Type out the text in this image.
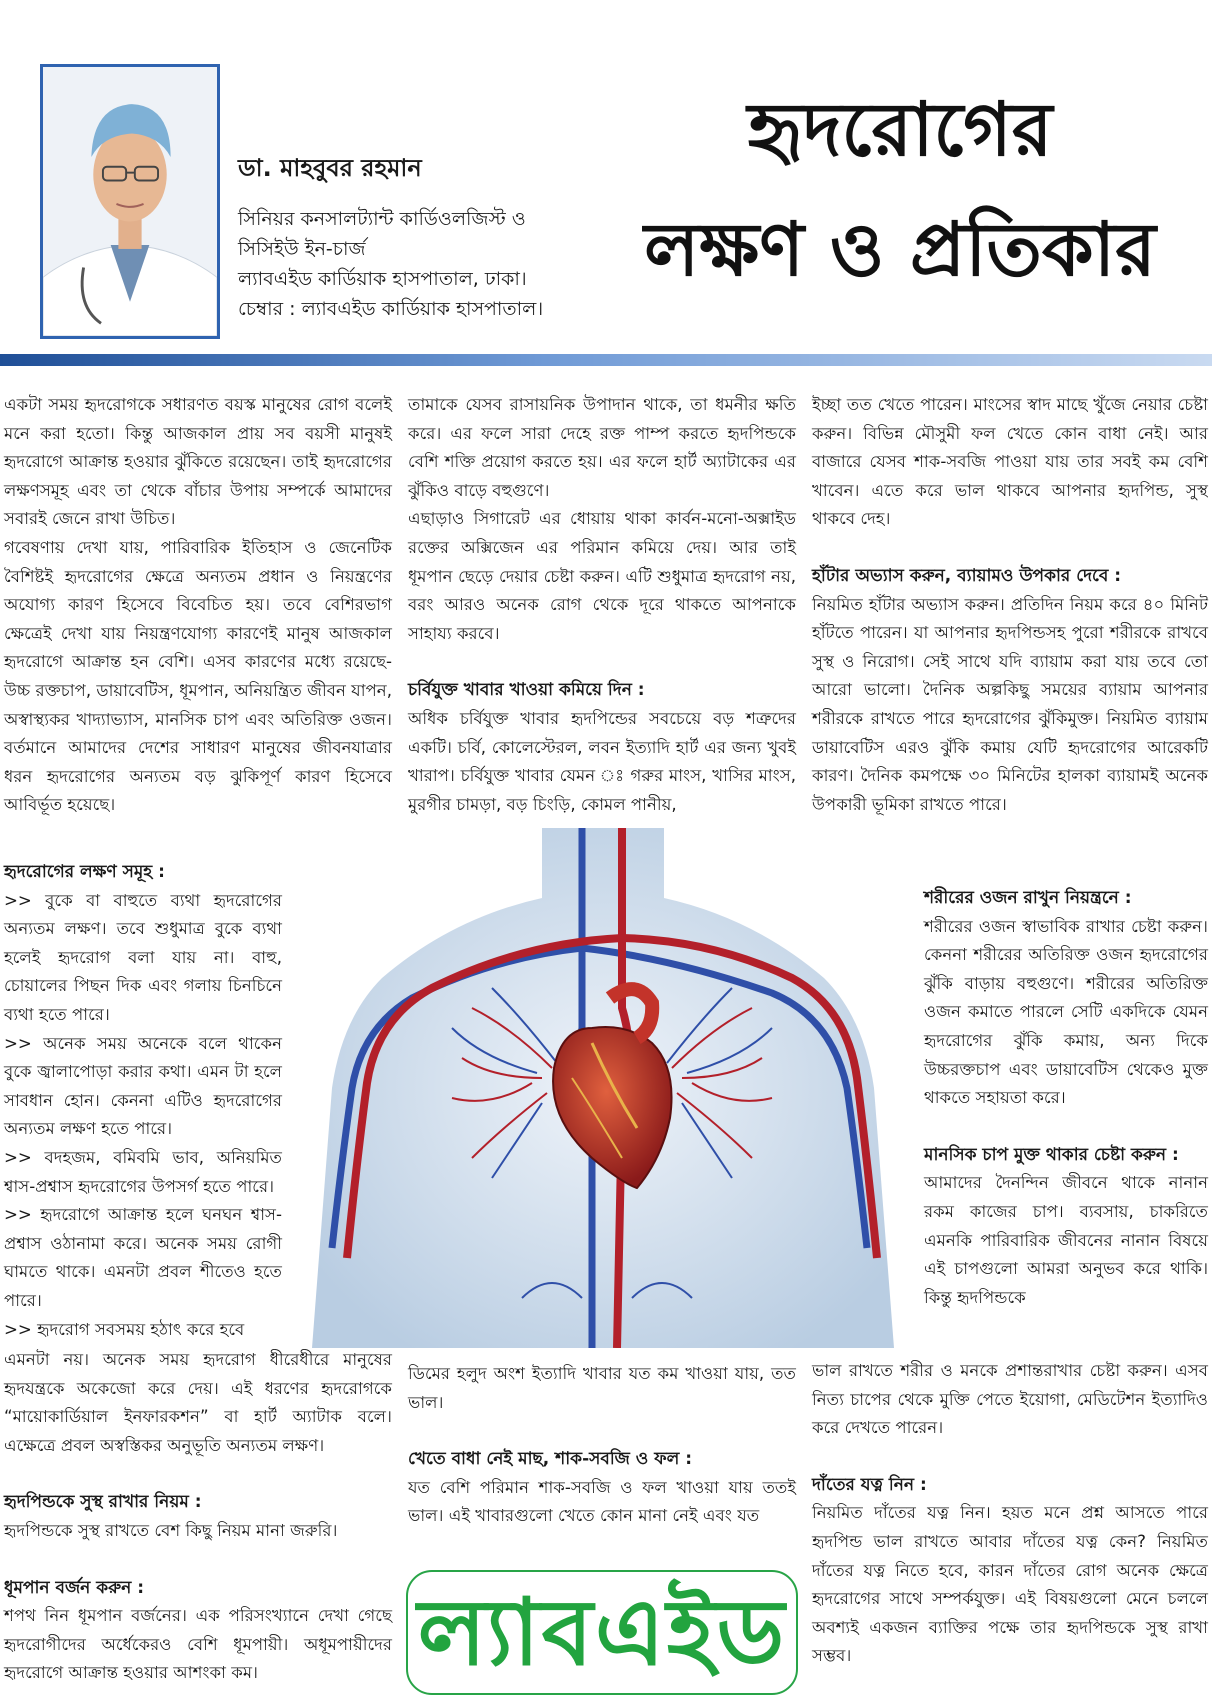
ডা. মাহবুবর রহমান
সিনিয়র কনসালট্যান্ট কার্ডিওলজিস্ট ও
সিসিইউ ইন-চার্জ
ল্যাবএইড কার্ডিয়াক হাসপাতাল, ঢাকা।
চেম্বার : ল্যাবএইড কার্ডিয়াক হাসপাতাল।
হৃদরোগের
লক্ষণ ও প্রতিকার

একটা সময় হৃদরোগকে সধারণত বয়স্ক মানুষের রোগ বলেই মনে করা হতো। কিন্তু আজকাল প্রায় সব বয়সী মানুষই হৃদরোগে আক্রান্ত হওয়ার ঝুঁকিতে রয়েছেন। তাই হৃদরোগের লক্ষণসমূহ এবং তা থেকে বাঁচার উপায় সম্পর্কে আমাদের সবারই জেনে রাখা উচিত।

গবেষণায় দেখা যায়, পারিবারিক ইতিহাস ও জেনেটিক বৈশিষ্টই হৃদরোগের ক্ষেত্রে অন্যতম প্রধান ও নিয়ন্ত্রণের অযোগ্য কারণ হিসেবে বিবেচিত হয়। তবে বেশিরভাগ ক্ষেত্রেই দেখা যায় নিয়ন্ত্রণযোগ্য কারণেই মানুষ আজকাল হৃদরোগে আক্রান্ত হন বেশি। এসব কারণের মধ্যে রয়েছে- উচ্চ রক্তচাপ, ডায়াবেটিস, ধূমপান, অনিয়ন্ত্রিত জীবন যাপন, অস্বাস্থ্যকর খাদ্যাভ্যাস, মানসিক চাপ এবং অতিরিক্ত ওজন। বর্তমানে আমাদের দেশের সাধারণ মানুষের জীবনযাত্রার ধরন হৃদরোগের অন্যতম বড় ঝুকিপূর্ণ কারণ হিসেবে আবির্ভূত হয়েছে।

তামাকে যেসব রাসায়নিক উপাদান থাকে, তা ধমনীর ক্ষতি করে। এর ফলে সারা দেহে রক্ত পাম্প করতে হৃদপিন্ডকে বেশি শক্তি প্রয়োগ করতে হয়। এর ফলে হার্ট অ্যাটাকের এর ঝুঁকিও বাড়ে বহুগুণে।

এছাড়াও সিগারেট এর ধোয়ায় থাকা কার্বন-মনো-অক্সাইড রক্তের অক্সিজেন এর পরিমান কমিয়ে দেয়। আর তাই ধূমপান ছেড়ে দেয়ার চেষ্টা করুন। এটি শুধুমাত্র হৃদরোগ নয়, বরং আরও অনেক রোগ থেকে দূরে থাকতে আপনাকে সাহায্য করবে।

চর্বিযুক্ত খাবার খাওয়া কমিয়ে দিন :

অধিক চর্বিযুক্ত খাবার হৃদপিন্ডের সবচেয়ে বড় শত্রুদের একটি। চর্বি, কোলেস্টেরল, লবন ইত্যাদি হার্ট এর জন্য খুবই খারাপ। চর্বিযুক্ত খাবার যেমন ঃ গরুর মাংস, খাসির মাংস, মুরগীর চামড়া, বড় চিংড়ি, কোমল পানীয়,

ইচ্ছা তত খেতে পারেন। মাংসের স্বাদ মাছে খুঁজে নেয়ার চেষ্টা করুন। বিভিন্ন মৌসুমী ফল খেতে কোন বাধা নেই। আর বাজারে যেসব শাক-সবজি পাওয়া যায় তার সবই কম বেশি খাবেন। এতে করে ভাল থাকবে আপনার হৃদপিন্ড, সুস্থ থাকবে দেহ।

হাঁটার অভ্যাস করুন, ব্যায়ামও উপকার দেবে :

নিয়মিত হাঁটার অভ্যাস করুন। প্রতিদিন নিয়ম করে ৪০ মিনিট হাঁটতে পারেন। যা আপনার হৃদপিন্ডসহ পুরো শরীরকে রাখবে সুস্থ ও নিরোগ। সেই সাথে যদি ব্যায়াম করা যায় তবে তো আরো ভালো। দৈনিক অল্পকিছু সময়ের ব্যায়াম আপনার শরীরকে রাখতে পারে হৃদরোগের ঝুঁকিমুক্ত। নিয়মিত ব্যায়াম ডায়াবেটিস এরও ঝুঁকি কমায় যেটি হৃদরোগের আরেকটি কারণ। দৈনিক কমপক্ষে ৩০ মিনিটের হালকা ব্যায়ামই অনেক উপকারী ভূমিকা রাখতে পারে।

হৃদরোগের লক্ষণ সমূহ :

>> বুকে বা বাহুতে ব্যথা হৃদরোগের অন্যতম লক্ষণ। তবে শুধুমাত্র বুকে ব্যথা হলেই হৃদরোগ বলা যায় না। বাহু, চোয়ালের পিছন দিক এবং গলায় চিনচিনে ব্যথা হতে পারে।

>> অনেক সময় অনেকে বলে থাকেন বুকে জ্বালাপোড়া করার কথা। এমন টা হলে সাবধান হোন। কেননা এটিও হৃদরোগের অন্যতম লক্ষণ হতে পারে।

>> বদহজম, বমিবমি ভাব, অনিয়মিত শ্বাস-প্রশ্বাস হৃদরোগের উপসর্গ হতে পারে।

>> হৃদরোগে আক্রান্ত হলে ঘনঘন শ্বাস-প্রশ্বাস ওঠানামা করে। অনেক সময় রোগী ঘামতে থাকে। এমনটা প্রবল শীতেও হতে পারে।

>> হৃদরোগ সবসময় হঠাৎ করে হবে

এমনটা নয়। অনেক সময় হৃদরোগ ধীরেধীরে মানুষের হৃদযন্ত্রকে অকেজো করে দেয়। এই ধরণের হৃদরোগকে “মায়োকার্ডিয়াল ইনফারকশন” বা হার্ট অ্যাটাক বলে। এক্ষেত্রে প্রবল অস্বস্তিকর অনুভূতি অন্যতম লক্ষণ।

হৃদপিন্ডকে সুস্থ রাখার নিয়ম :

হৃদপিন্ডকে সুস্থ রাখতে বেশ কিছু নিয়ম মানা জরুরি।

ধূমপান বর্জন করুন :

শপথ নিন ধূমপান বর্জনের। এক পরিসংখ্যানে দেখা গেছে হৃদরোগীদের অর্ধেকেরও বেশি ধূমপায়ী। অধূমপায়ীদের হৃদরোগে আক্রান্ত হওয়ার আশংকা কম।

ডিমের হলুদ অংশ ইত্যাদি খাবার যত কম খাওয়া যায়, তত ভাল।

খেতে বাধা নেই মাছ, শাক-সবজি ও ফল :

যত বেশি পরিমান শাক-সবজি ও ফল খাওয়া যায় ততই ভাল। এই খাবারগুলো খেতে কোন মানা নেই এবং যত

শরীরের ওজন রাখুন নিয়ন্ত্রনে :

শরীরের ওজন স্বাভাবিক রাখার চেষ্টা করুন। কেননা শরীরের অতিরিক্ত ওজন হৃদরোগের ঝুঁকি বাড়ায় বহুগুণে। শরীরের অতিরিক্ত ওজন কমাতে পারলে সেটি একদিকে যেমন হৃদরোগের ঝুঁকি কমায়, অন্য দিকে উচ্চরক্তচাপ এবং ডায়াবেটিস থেকেও মুক্ত থাকতে সহায়তা করে।

মানসিক চাপ মুক্ত থাকার চেষ্টা করুন :

আমাদের দৈনন্দিন জীবনে থাকে নানান রকম কাজের চাপ। ব্যবসায়, চাকরিতে এমনকি পারিবারিক জীবনের নানান বিষয়ে এই চাপগুলো আমরা অনুভব করে থাকি। কিন্তু হৃদপিন্ডকে

ভাল রাখতে শরীর ও মনকে প্রশান্তরাখার চেষ্টা করুন। এসব নিত্য চাপের থেকে মুক্তি পেতে ইয়োগা, মেডিটেশন ইত্যাদিও করে দেখতে পারেন।

দাঁতের যত্ন নিন :

নিয়মিত দাঁতের যত্ন নিন। হয়ত মনে প্রশ্ন আসতে পারে হৃদপিন্ড ভাল রাখতে আবার দাঁতের যত্ন কেন? নিয়মিত দাঁতের যত্ন নিতে হবে, কারন দাঁতের রোগ অনেক ক্ষেত্রে হৃদরোগের সাথে সম্পর্কযুক্ত। এই বিষয়গুলো মেনে চললে অবশ্যই একজন ব্যাক্তির পক্ষে তার হৃদপিন্ডকে সুস্থ রাখা সম্ভব।

ল্যাবএইড
